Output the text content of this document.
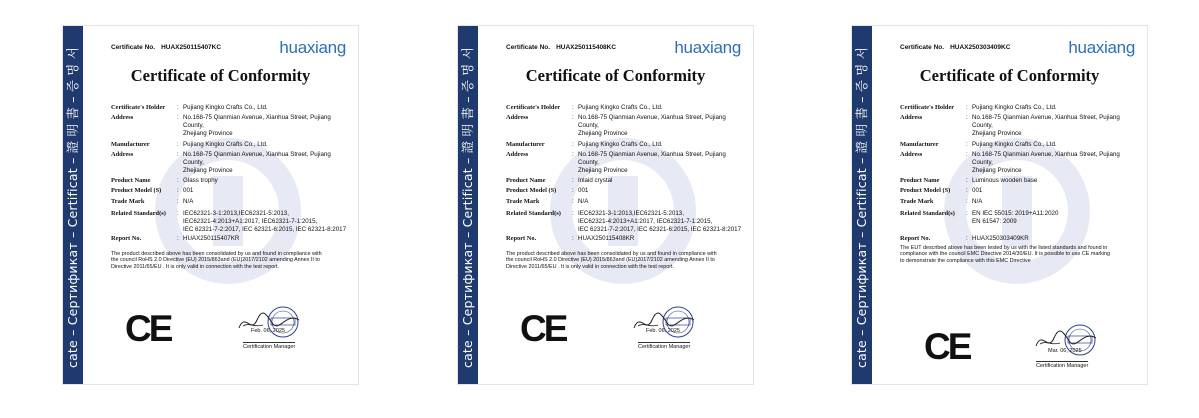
cate – Сертификат – Certificat – 證 明 書 – 증 명 서	Certificate No. HUAX250115407KC	huaxiang
Certificate of Conformity
Certificate's Holder	: Pujiang Kingko Crafts Co., Ltd.
Address	: No.168-75 Qianmian Avenue, Xianhua Street, Pujiang County,
Zhejiang Province
Manufacturer	: Pujiang Kingko Crafts Co., Ltd.
Address	: No.168-75 Qianmian Avenue, Xianhua Street, Pujiang County,
Zhejiang Province
Product Name	: Glass trophy
Product Model (S)	: 001
Trade Mark	: N/A
Related Standard(s)	: IEC62321-3-1:2013,IEC62321-5:2013,
IEC62321-4:2013+A1:2017, IEC62321-7-1:2015,
IEC 62321-7-2:2017, IEC 62321-6:2015, IEC 62321-8:2017
Report No.	: HUAX250115407KR
The product described above has been consolidated by us and found in compliance with
the council RoHS 2.0 Directive (EU) 2015/863and (EU)2017/2102 amending Annex II to
Directive 2011/65/EU . It is only valid in connection with the test report.
CE	Feb. 06, 2025
Certification Manager	cate – Сертификат – Certificat – 證 明 書 – 증 명 서	Certificate No. HUAX250115408KC	huaxiang
Certificate of Conformity
Certificate's Holder	: Pujiang Kingko Crafts Co., Ltd.
Address	: No.168-75 Qianmian Avenue, Xianhua Street, Pujiang County,
Zhejiang Province
Manufacturer	: Pujiang Kingko Crafts Co., Ltd.
Address	: No.168-75 Qianmian Avenue, Xianhua Street, Pujiang County,
Zhejiang Province
Product Name	: Inlaid crystal
Product Model (S)	: 001
Trade Mark	: N/A
Related Standard(s)	: IEC62321-3-1:2013,IEC62321-5:2013,
IEC62321-4:2013+A1:2017, IEC62321-7-1:2015,
IEC 62321-7-2:2017, IEC 62321-6:2015, IEC 62321-8:2017
Report No.	: HUAX250115408KR
The product described above has been consolidated by us and found in compliance with
the council RoHS 2.0 Directive (EU) 2015/863and (EU)2017/2102 amending Annex II to
Directive 2011/65/EU . It is only valid in connection with the test report.
CE	Feb. 06, 2025
Certification Manager	cate – Сертификат – Certificat – 證 明 書 – 증 명 서	Certificate No. HUAX250303409KC	huaxiang
Certificate of Conformity
Certificate's Holder	: Pujiang Kingko Crafts Co., Ltd.
Address	: No.168-75 Qianmian Avenue, Xianhua Street, Pujiang County,
Zhejiang Province
Manufacturer	: Pujiang Kingko Crafts Co., Ltd.
Address	: No.168-75 Qianmian Avenue, Xianhua Street, Pujiang County,
Zhejiang Province
Product Name	: Luminous wooden base
Product Model (S)	: 001
Trade Mark	: N/A
Related Standard(s)	: EN IEC 55015: 2019+A11:2020
EN 61547: 2009
Report No.	: HUAX250303409KR
The EUT described above has been tested by us with the listed standards and found in
compliance with the council EMC Directive 2014/30/EU. It is possible to use CE marking
to demonstrate the compliance with this EMC Directive
CE	Mar. 06, 2025
Certification Manager
